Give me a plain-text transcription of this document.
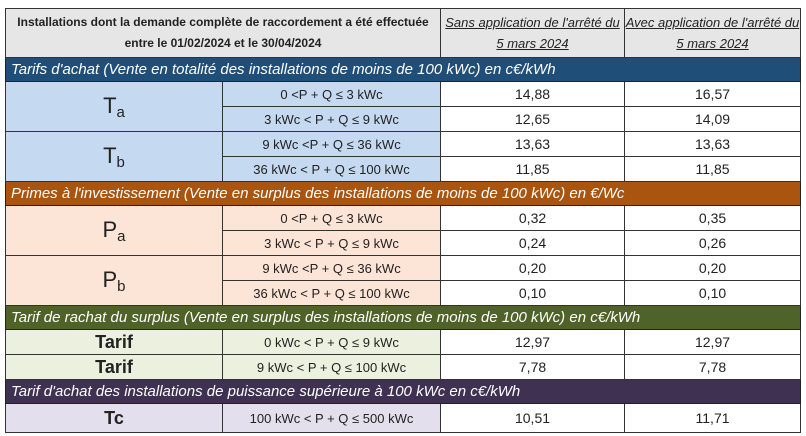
Installations dont la demande complète de raccordement a été effectuée entre le 01/02/2024 et le 30/04/2024		Sans application de l'arrêté du 5 mars 2024	Avec application de l'arrêté du 5 mars 2024
Tarifs d'achat (Vente en totalité des installations de moins de 100 kWc) en c€/kWh			
$T_a$	0 <P + Q ≤ 3 kWc	14,88	16,57
	3 kWc < P + Q ≤ 9 kWc	12,65	14,09
$T_b$	9 kWc <P + Q ≤ 36 kWc	13,63	13,63
	36 kWc < P + Q ≤ 100 kWc	11,85	11,85
Primes à l'investissement (Vente en surplus des installations de moins de 100 kWc) en €/Wc			
$P_a$	0 <P + Q ≤ 3 kWc	0,32	0,35
	3 kWc < P + Q ≤ 9 kWc	0,24	0,26
$P_b$	9 kWc <P + Q ≤ 36 kWc	0,20	0,20
	36 kWc < P + Q ≤ 100 kWc	0,10	0,10
Tarif de rachat du surplus (Vente en surplus des installations de moins de 100 kWc) en c€/kWh			
Tarif	0 kWc < P + Q ≤ 9 kWc	12,97	12,97
Tarif	9 kWc < P + Q ≤ 100 kWc	7,78	7,78
Tarif d'achat des installations de puissance supérieure à 100 kWc en c€/kWh			
Tc	100 kWc < P + Q ≤ 500 kWc	10,51	11,71
